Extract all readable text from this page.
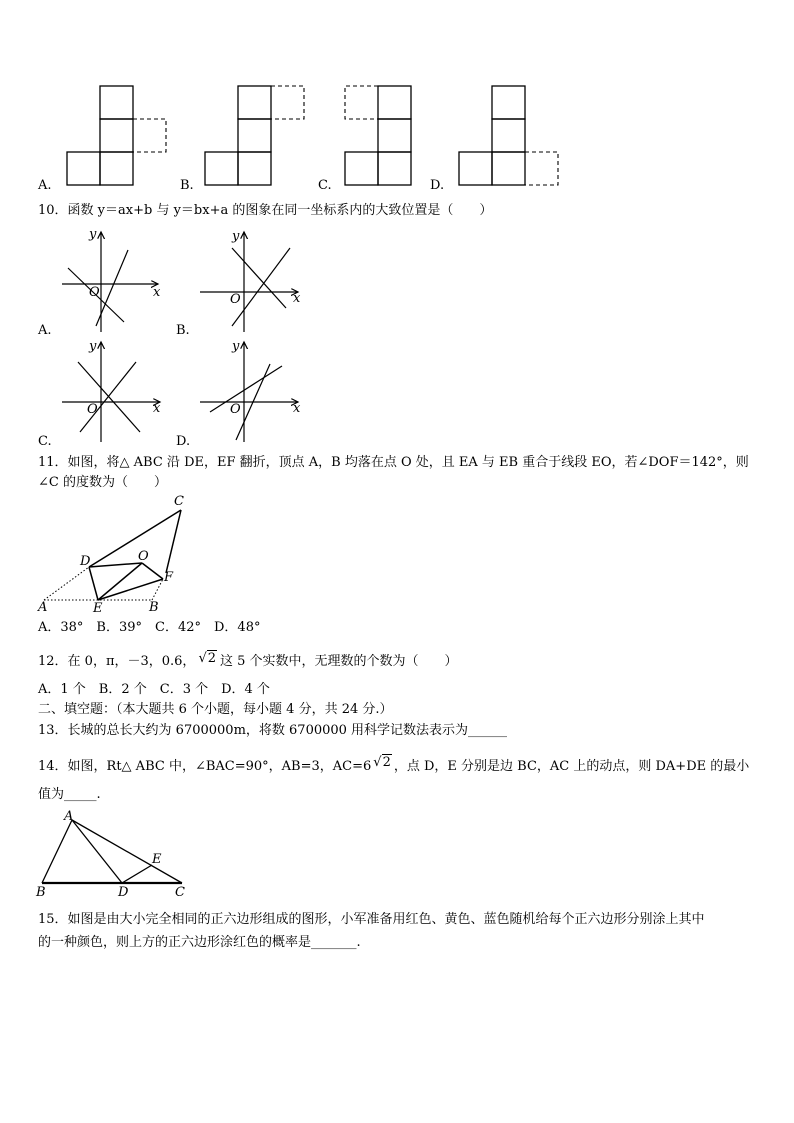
A.	B.	C.	D.
10．函数 y＝ax+b 与 y＝bx+a 的图象在同一坐标系内的大致位置是（　　）
A.
y
x
O
B.
y
x
O
C.
y
x
O
D.
y
x
O
11．如图，将△ ABC 沿 DE，EF 翻折，顶点 A，B 均落在点 O 处，且 EA 与 EB 重合于线段 EO，若∠DOF＝142°，则
∠C 的度数为（　　）
C
D	O
F
A	E	B
A．38°　B．39°　C．42°　D．48°
12．在 0，π，－3，0.6， √2 这 5 个实数中，无理数的个数为（　　）
A．1 个　B．2 个　C．3 个　D．4 个
二、填空题：（本大题共 6 个小题，每小题 4 分，共 24 分.）
13．长城的总长大约为 6700000m，将数 6700000 用科学记数法表示为______
14．如图，Rt△ ABC 中，∠BAC=90°，AB=3，AC=6 √2 ，点 D，E 分别是边 BC，AC 上的动点，则 DA+DE 的最小
值为_____.
A
E
B	D	C
15．如图是由大小完全相同的正六边形组成的图形，小军准备用红色、黄色、蓝色随机给每个正六边形分别涂上其中
的一种颜色，则上方的正六边形涂红色的概率是_______.
